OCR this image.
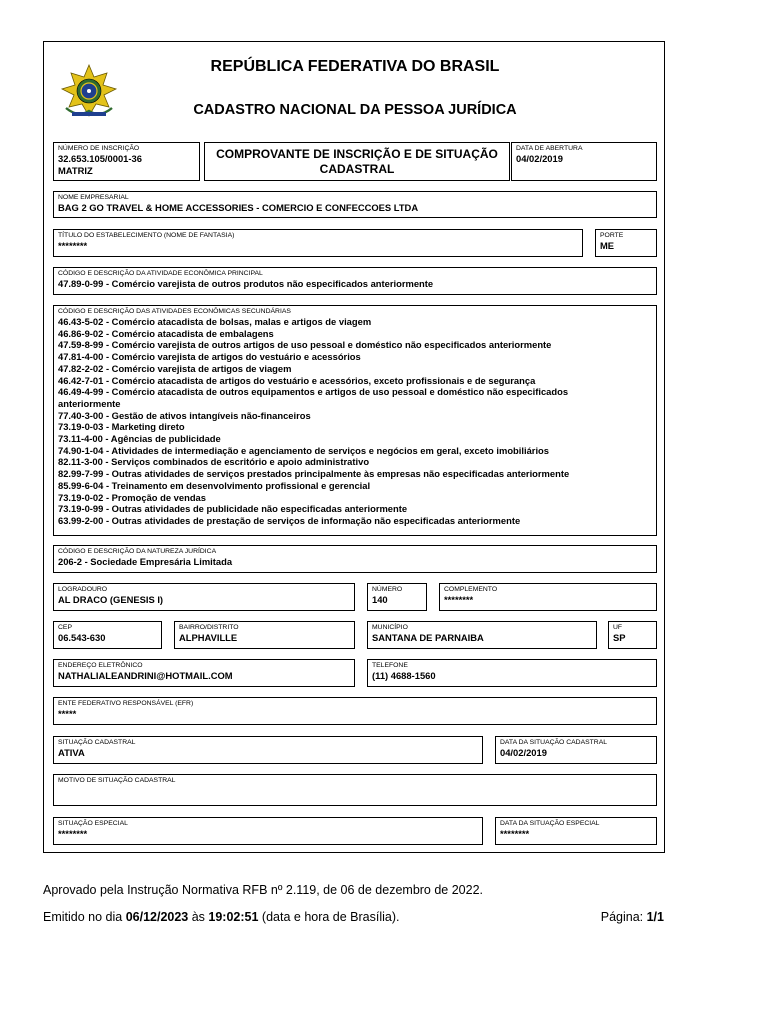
REPÚBLICA FEDERATIVA DO BRASIL
CADASTRO NACIONAL DA PESSOA JURÍDICA
NÚMERO DE INSCRIÇÃO
32.653.105/0001-36
MATRIZ
COMPROVANTE DE INSCRIÇÃO E DE SITUAÇÃO
CADASTRAL
DATA DE ABERTURA
04/02/2019
NOME EMPRESARIAL
BAG 2 GO TRAVEL & HOME ACCESSORIES - COMERCIO E CONFECCOES LTDA
TÍTULO DO ESTABELECIMENTO (NOME DE FANTASIA)
********
PORTE
ME
CÓDIGO E DESCRIÇÃO DA ATIVIDADE ECONÔMICA PRINCIPAL
47.89-0-99 - Comércio varejista de outros produtos não especificados anteriormente
CÓDIGO E DESCRIÇÃO DAS ATIVIDADES ECONÔMICAS SECUNDÁRIAS
46.43-5-02 - Comércio atacadista de bolsas, malas e artigos de viagem
46.86-9-02 - Comércio atacadista de embalagens
47.59-8-99 - Comércio varejista de outros artigos de uso pessoal e doméstico não especificados anteriormente
47.81-4-00 - Comércio varejista de artigos do vestuário e acessórios
47.82-2-02 - Comércio varejista de artigos de viagem
46.42-7-01 - Comércio atacadista de artigos do vestuário e acessórios, exceto profissionais e de segurança
46.49-4-99 - Comércio atacadista de outros equipamentos e artigos de uso pessoal e doméstico não especificados
anteriormente
77.40-3-00 - Gestão de ativos intangíveis não-financeiros
73.19-0-03 - Marketing direto
73.11-4-00 - Agências de publicidade
74.90-1-04 - Atividades de intermediação e agenciamento de serviços e negócios em geral, exceto imobiliários
82.11-3-00 - Serviços combinados de escritório e apoio administrativo
82.99-7-99 - Outras atividades de serviços prestados principalmente às empresas não especificadas anteriormente
85.99-6-04 - Treinamento em desenvolvimento profissional e gerencial
73.19-0-02 - Promoção de vendas
73.19-0-99 - Outras atividades de publicidade não especificadas anteriormente
63.99-2-00 - Outras atividades de prestação de serviços de informação não especificadas anteriormente
CÓDIGO E DESCRIÇÃO DA NATUREZA JURÍDICA
206-2 - Sociedade Empresária Limitada
LOGRADOURO
AL DRACO (GENESIS I)
NÚMERO
140
COMPLEMENTO
********
CEP
06.543-630
BAIRRO/DISTRITO
ALPHAVILLE
MUNICÍPIO
SANTANA DE PARNAIBA
UF
SP
ENDEREÇO ELETRÔNICO
NATHALIALEANDRINI@HOTMAIL.COM
TELEFONE
(11) 4688-1560
ENTE FEDERATIVO RESPONSÁVEL (EFR)
*****
SITUAÇÃO CADASTRAL
ATIVA
DATA DA SITUAÇÃO CADASTRAL
04/02/2019
MOTIVO DE SITUAÇÃO CADASTRAL
SITUAÇÃO ESPECIAL
********
DATA DA SITUAÇÃO ESPECIAL
********
Aprovado pela Instrução Normativa RFB nº 2.119, de 06 de dezembro de 2022.
Emitido no dia 06/12/2023 às 19:02:51 (data e hora de Brasília).	Página: 1/1
